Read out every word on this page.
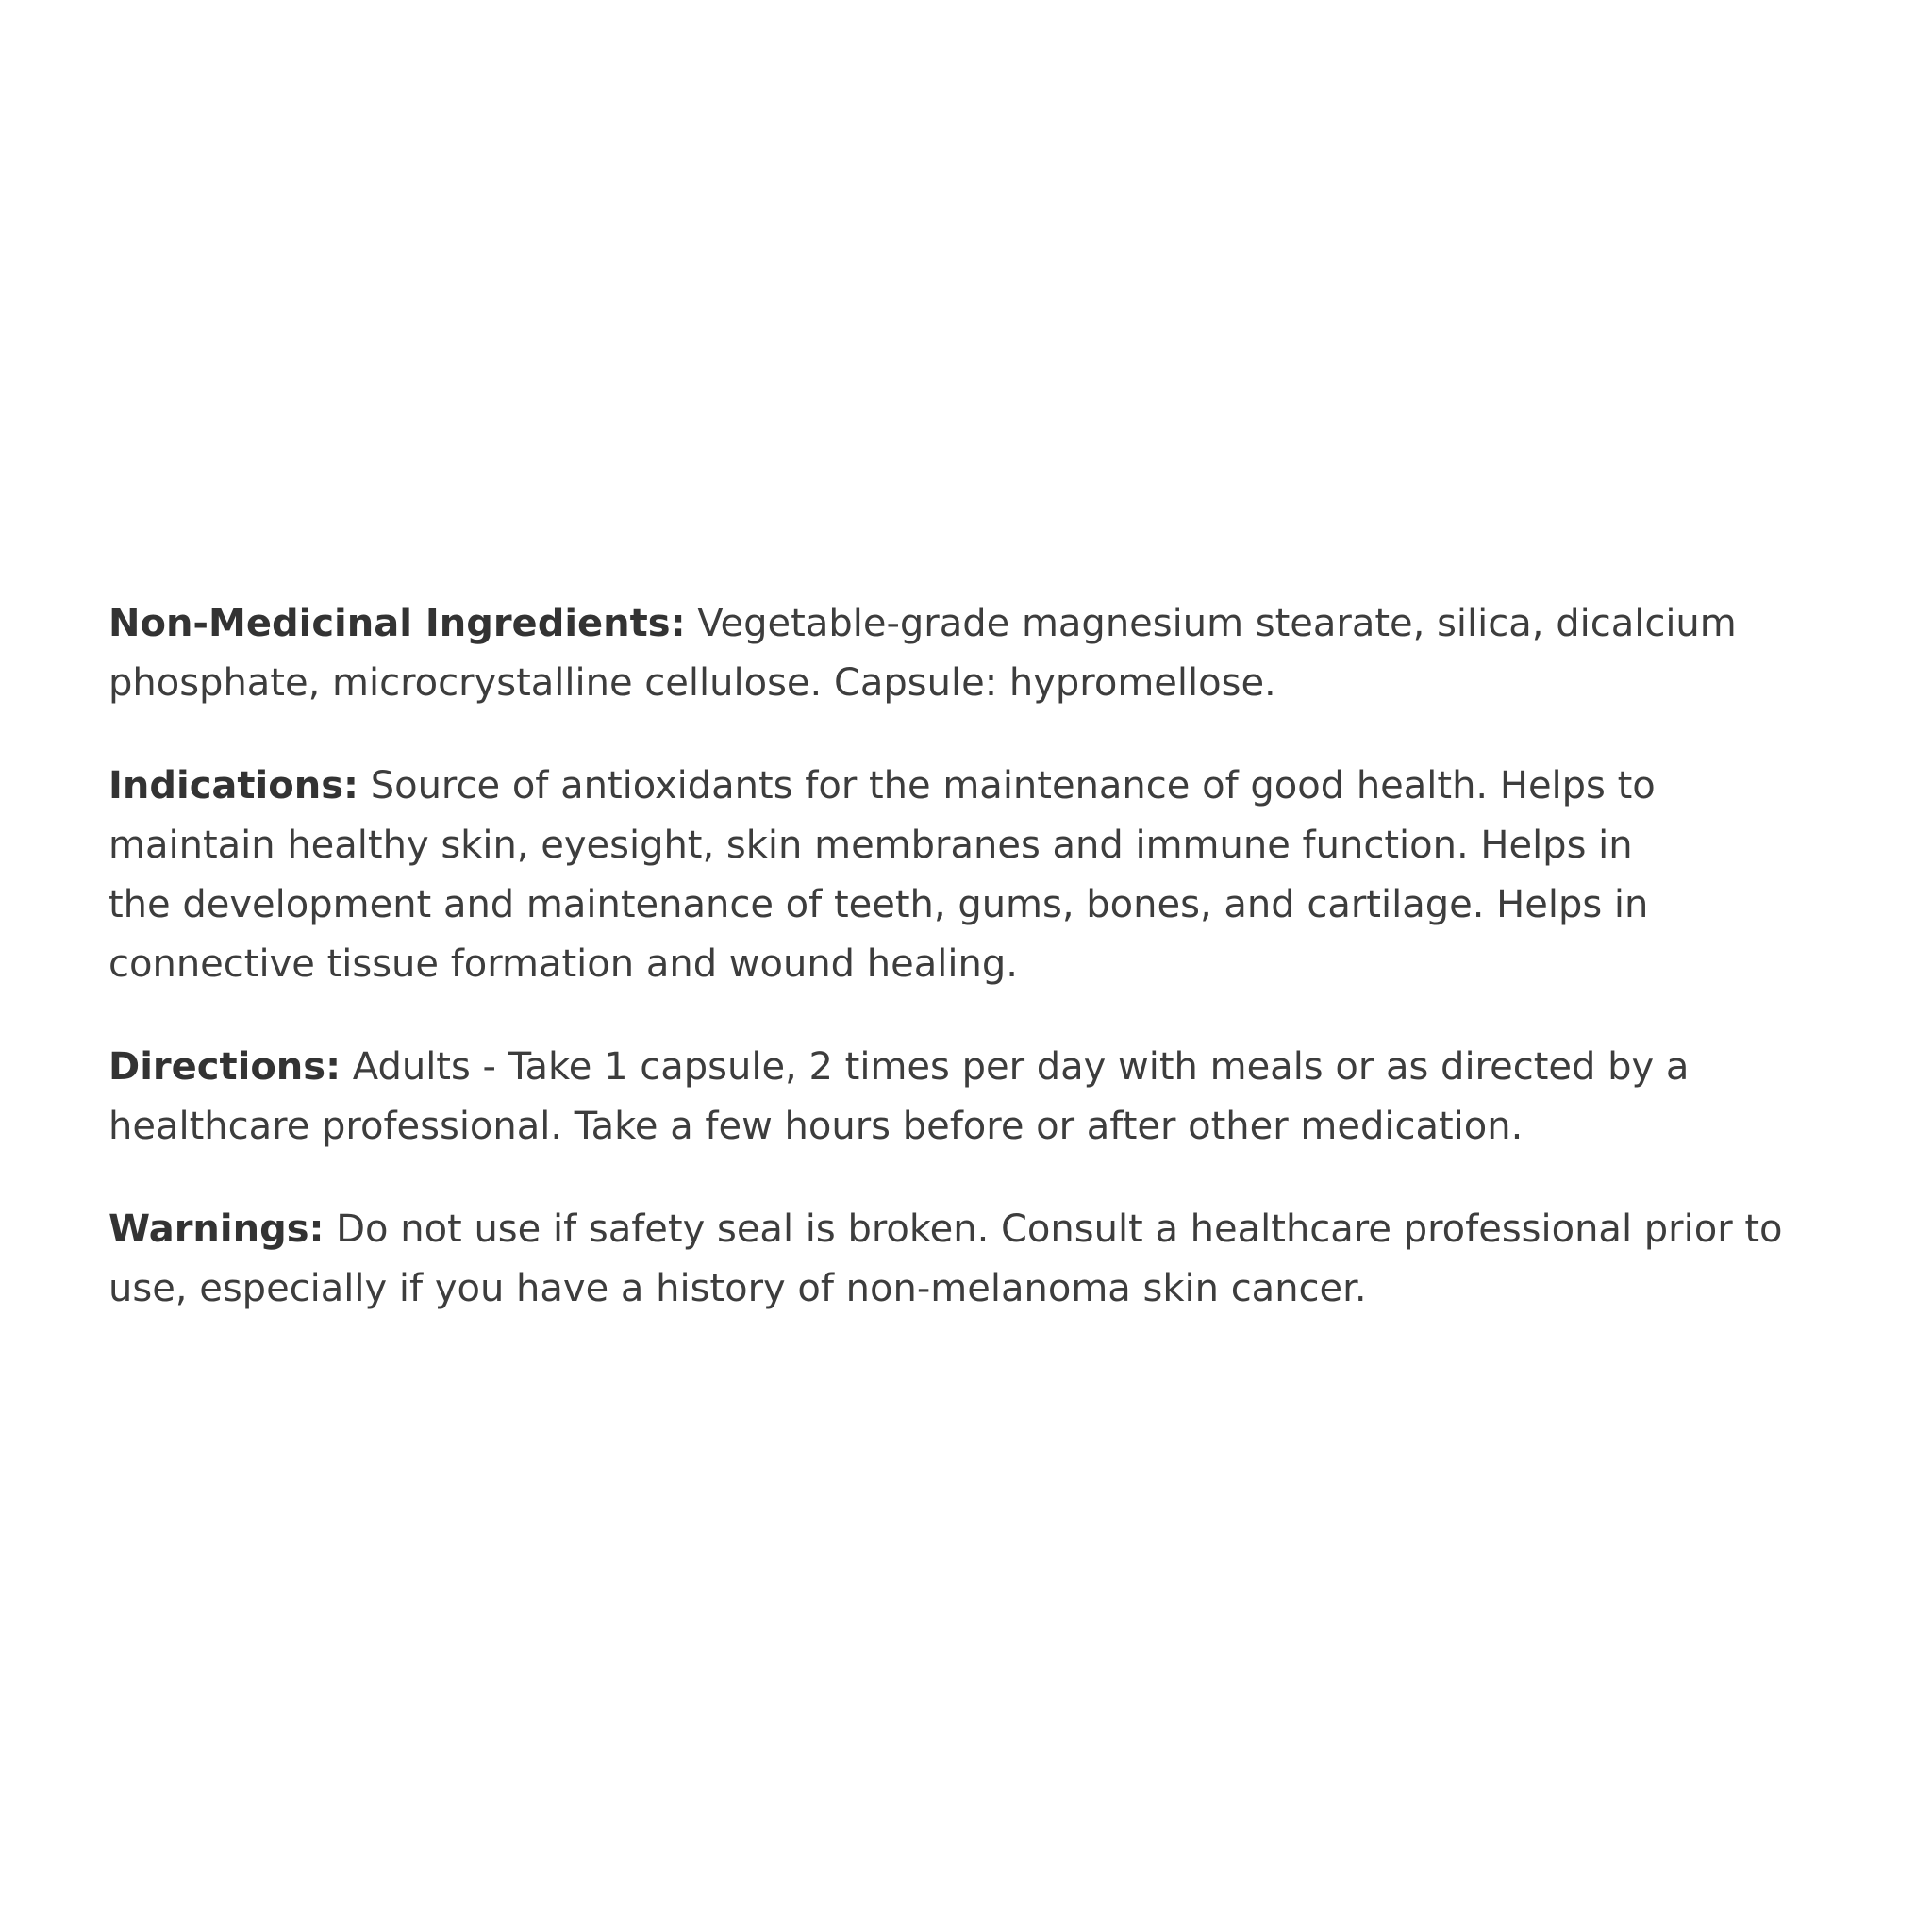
Non-Medicinal Ingredients: Vegetable-grade magnesium stearate, silica, dicalcium
phosphate, microcrystalline cellulose. Capsule: hypromellose.

Indications: Source of antioxidants for the maintenance of good health. Helps to
maintain healthy skin, eyesight, skin membranes and immune function. Helps in
the development and maintenance of teeth, gums, bones, and cartilage. Helps in
connective tissue formation and wound healing.

Directions: Adults - Take 1 capsule, 2 times per day with meals or as directed by a
healthcare professional. Take a few hours before or after other medication.

Warnings: Do not use if safety seal is broken. Consult a healthcare professional prior to
use, especially if you have a history of non-melanoma skin cancer.
